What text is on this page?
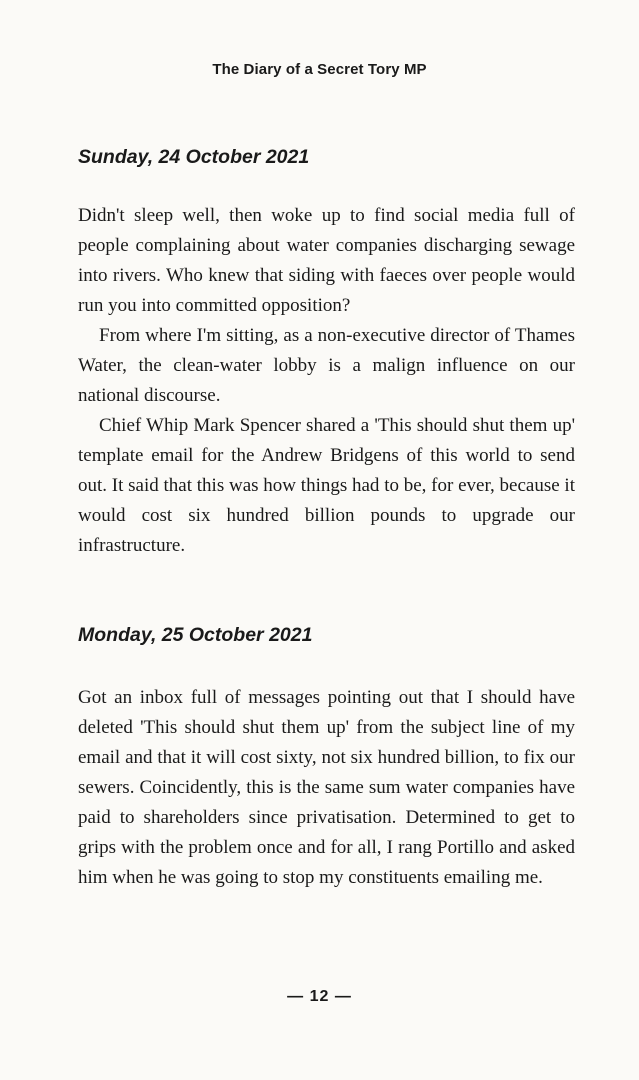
The Diary of a Secret Tory MP
Sunday, 24 October 2021

Didn't sleep well, then woke up to find social media full of people complaining about water companies discharging sewage into rivers. Who knew that siding with faeces over people would run you into committed opposition?

From where I'm sitting, as a non-executive director of Thames Water, the clean-water lobby is a malign influence on our national discourse.

Chief Whip Mark Spencer shared a 'This should shut them up' template email for the Andrew Bridgens of this world to send out. It said that this was how things had to be, for ever, because it would cost six hundred billion pounds to upgrade our infrastructure.

Monday, 25 October 2021

Got an inbox full of messages pointing out that I should have deleted 'This should shut them up' from the subject line of my email and that it will cost sixty, not six hundred billion, to fix our sewers. Coincidently, this is the same sum water companies have paid to shareholders since privatisation. Determined to get to grips with the problem once and for all, I rang Portillo and asked him when he was going to stop my constituents emailing me.

— 12 —
